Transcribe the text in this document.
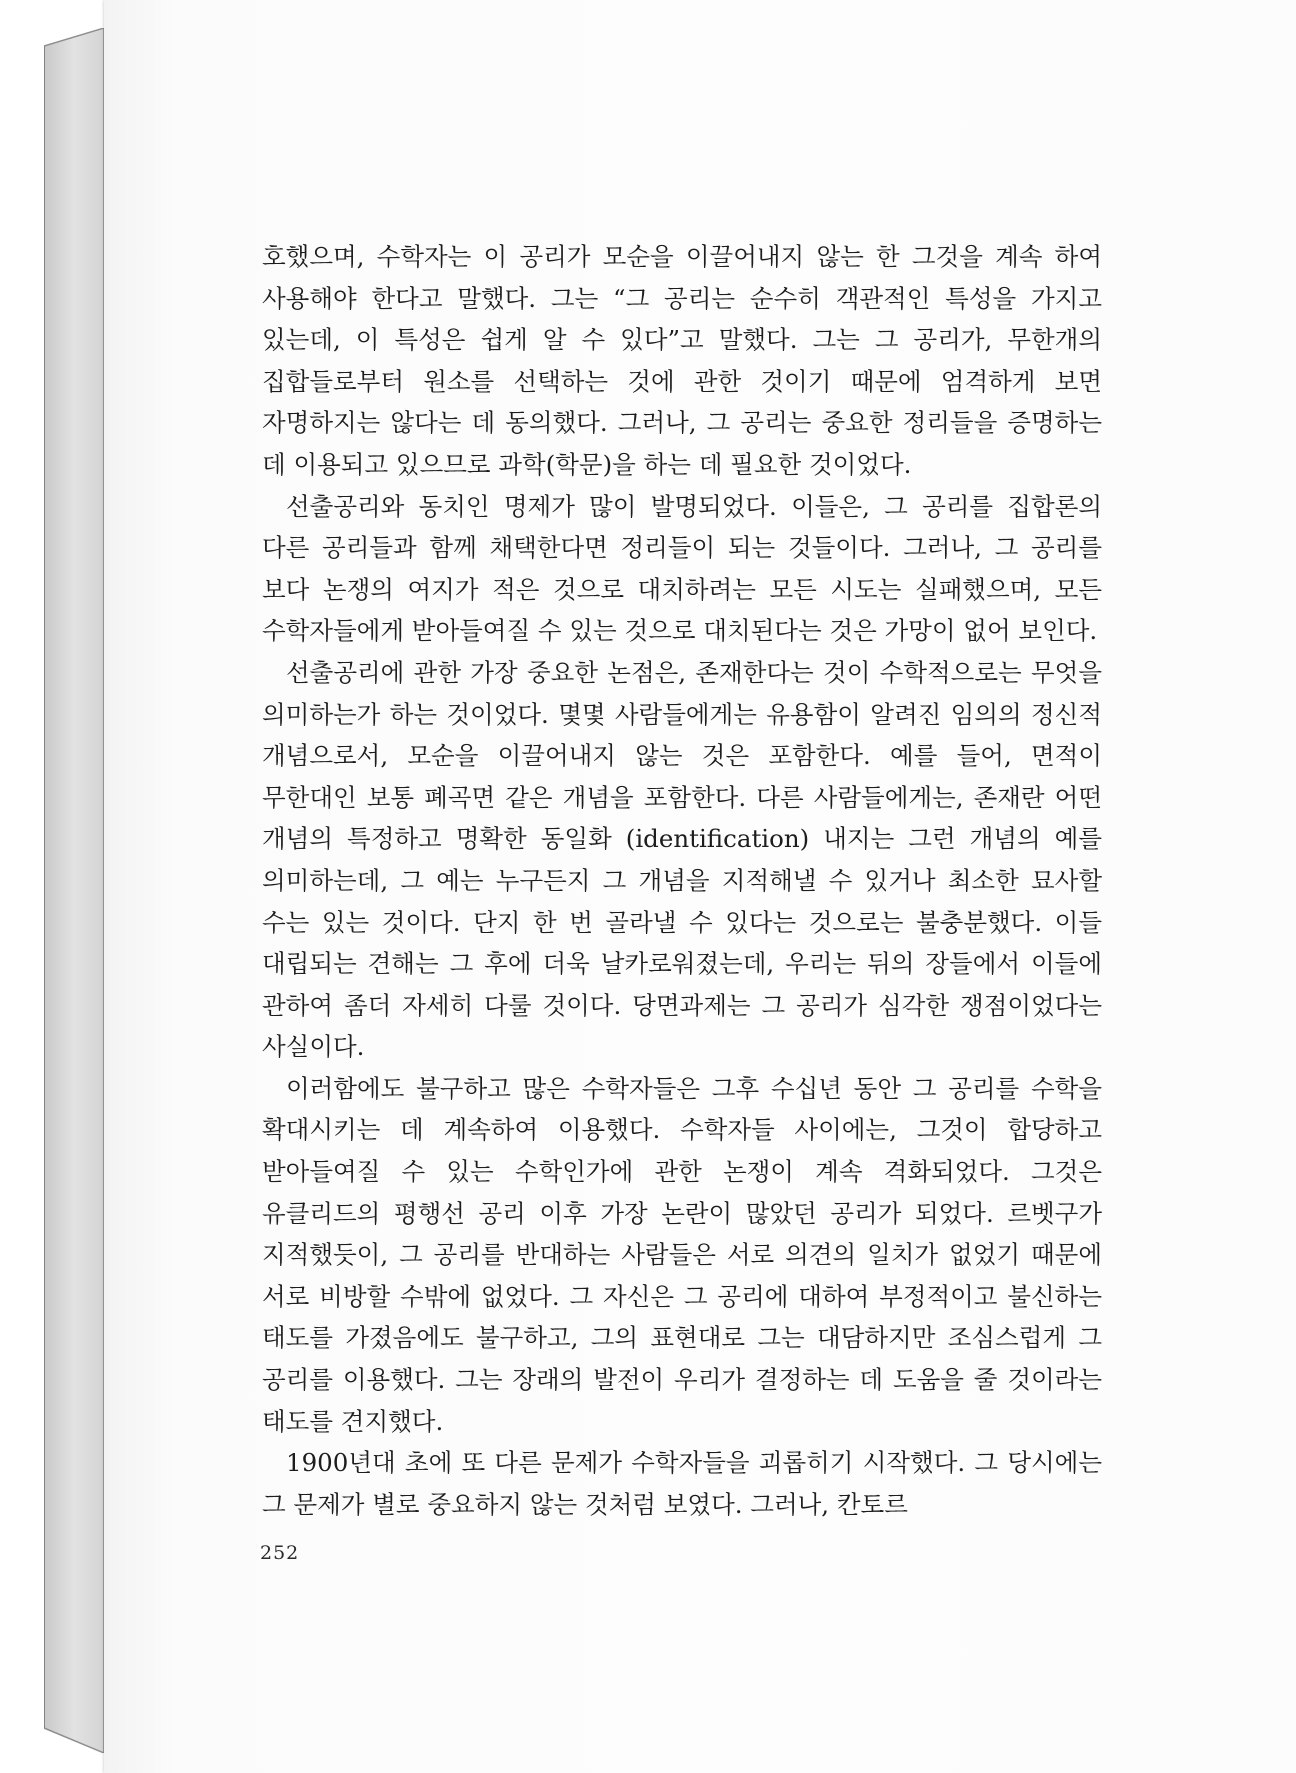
호했으며, 수학자는 이 공리가 모순을 이끌어내지 않는 한 그것을 계속 하여 사용해야 한다고 말했다. 그는 “그 공리는 순수히 객관적인 특성을 가지고 있는데, 이 특성은 쉽게 알 수 있다”고 말했다. 그는 그 공리가, 무한개의 집합들로부터 원소를 선택하는 것에 관한 것이기 때문에 엄격하게 보면 자명하지는 않다는 데 동의했다. 그러나, 그 공리는 중요한 정리들을 증명하는 데 이용되고 있으므로 과학(학문)을 하는 데 필요한 것이었다.

선출공리와 동치인 명제가 많이 발명되었다. 이들은, 그 공리를 집합론의 다른 공리들과 함께 채택한다면 정리들이 되는 것들이다. 그러나, 그 공리를 보다 논쟁의 여지가 적은 것으로 대치하려는 모든 시도는 실패했으며, 모든 수학자들에게 받아들여질 수 있는 것으로 대치된다는 것은 가망이 없어 보인다.

선출공리에 관한 가장 중요한 논점은, 존재한다는 것이 수학적으로는 무엇을 의미하는가 하는 것이었다. 몇몇 사람들에게는 유용함이 알려진 임의의 정신적 개념으로서, 모순을 이끌어내지 않는 것은 포함한다. 예를 들어, 면적이 무한대인 보통 폐곡면 같은 개념을 포함한다. 다른 사람들에게는, 존재란 어떤 개념의 특정하고 명확한 동일화 (identification) 내지는 그런 개념의 예를 의미하는데, 그 예는 누구든지 그 개념을 지적해낼 수 있거나 최소한 묘사할 수는 있는 것이다. 단지 한 번 골라낼 수 있다는 것으로는 불충분했다. 이들 대립되는 견해는 그 후에 더욱 날카로워졌는데, 우리는 뒤의 장들에서 이들에 관하여 좀더 자세히 다룰 것이다. 당면과제는 그 공리가 심각한 쟁점이었다는 사실이다.

이러함에도 불구하고 많은 수학자들은 그후 수십년 동안 그 공리를 수학을 확대시키는 데 계속하여 이용했다. 수학자들 사이에는, 그것이 합당하고 받아들여질 수 있는 수학인가에 관한 논쟁이 계속 격화되었다. 그것은 유클리드의 평행선 공리 이후 가장 논란이 많았던 공리가 되었다. 르벳구가 지적했듯이, 그 공리를 반대하는 사람들은 서로 의견의 일치가 없었기 때문에 서로 비방할 수밖에 없었다. 그 자신은 그 공리에 대하여 부정적이고 불신하는 태도를 가졌음에도 불구하고, 그의 표현대로 그는 대담하지만 조심스럽게 그 공리를 이용했다. 그는 장래의 발전이 우리가 결정하는 데 도움을 줄 것이라는 태도를 견지했다.

1900년대 초에 또 다른 문제가 수학자들을 괴롭히기 시작했다. 그 당시에는 그 문제가 별로 중요하지 않는 것처럼 보였다. 그러나, 칸토르

252
